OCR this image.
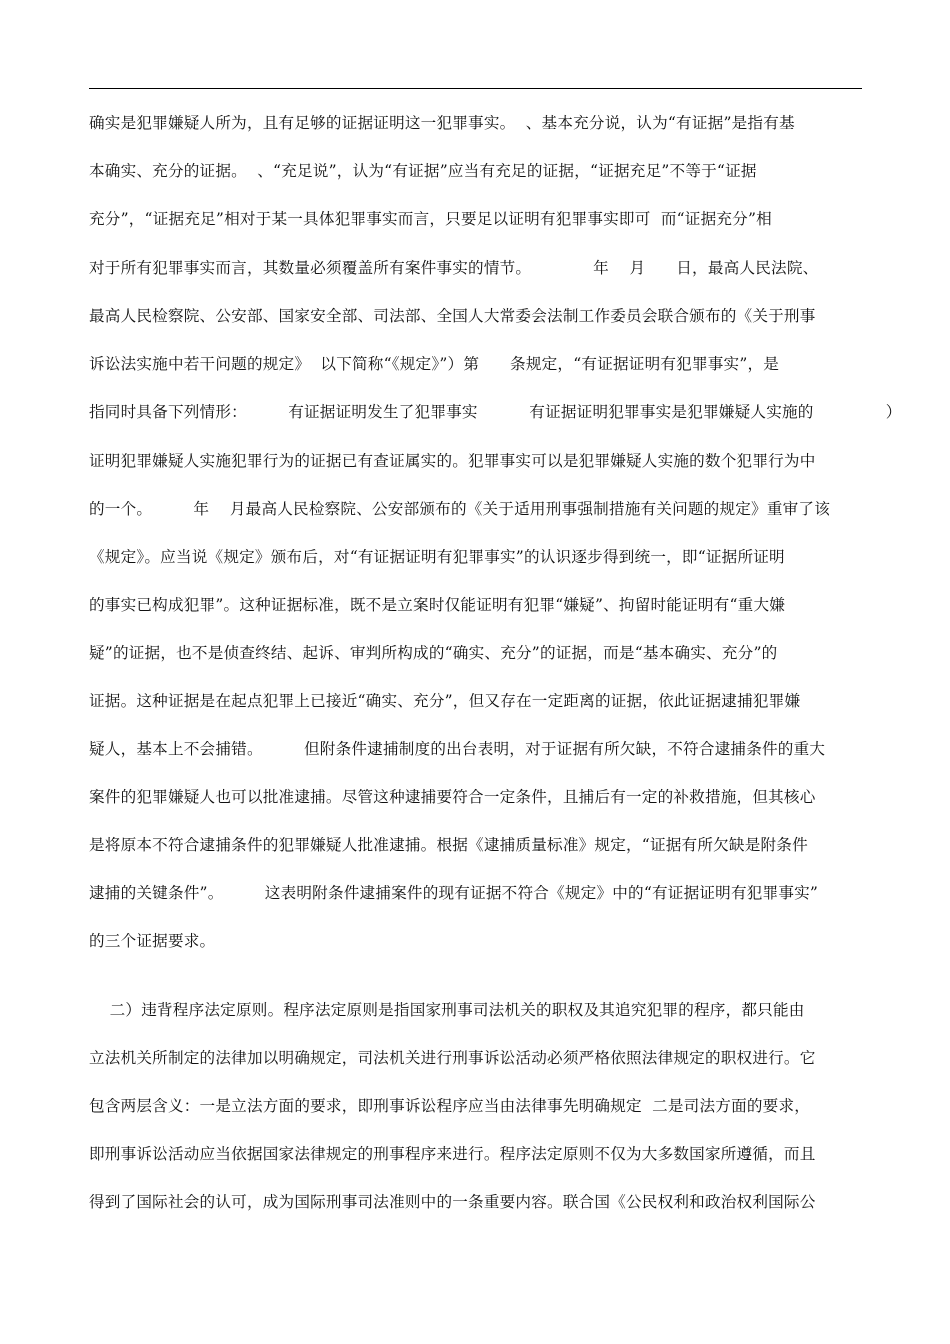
确实是犯罪嫌疑人所为，且有足够的证据证明这一犯罪事实。  、基本充分说，认为“有证据”是指有基
本确实、充分的证据。  、“充足说”，认为“有证据”应当有充足的证据，“证据充足”不等于“证据
充分”，“证据充足”相对于某一具体犯罪事实而言，只要足以证明有犯罪事实即可  而“证据充分”相
对于所有犯罪事实而言，其数量必须覆盖所有案件事实的情节。            年    月      日，最高人民法院、
最高人民检察院、公安部、国家安全部、司法部、全国人大常委会法制工作委员会联合颁布的《关于刑事
诉讼法实施中若干问题的规定》  以下简称“《规定》”）第      条规定，“有证据证明有犯罪事实”，是
指同时具备下列情形：        有证据证明发生了犯罪事实          有证据证明犯罪事实是犯罪嫌疑人实施的              ）
证明犯罪嫌疑人实施犯罪行为的证据已有查证属实的。犯罪事实可以是犯罪嫌疑人实施的数个犯罪行为中
的一个。        年    月最高人民检察院、公安部颁布的《关于适用刑事强制措施有关问题的规定》重审了该
《规定》。应当说《规定》颁布后，对“有证据证明有犯罪事实”的认识逐步得到统一，即“证据所证明
的事实已构成犯罪”。这种证据标准，既不是立案时仅能证明有犯罪“嫌疑”、拘留时能证明有“重大嫌
疑”的证据，也不是侦查终结、起诉、审判所构成的“确实、充分”的证据，而是“基本确实、充分”的
证据。这种证据是在起点犯罪上已接近“确实、充分”，但又存在一定距离的证据，依此证据逮捕犯罪嫌
疑人，基本上不会捕错。        但附条件逮捕制度的出台表明，对于证据有所欠缺，不符合逮捕条件的重大
案件的犯罪嫌疑人也可以批准逮捕。尽管这种逮捕要符合一定条件，且捕后有一定的补救措施，但其核心
是将原本不符合逮捕条件的犯罪嫌疑人批准逮捕。根据《逮捕质量标准》规定，“证据有所欠缺是附条件
逮捕的关键条件”。        这表明附条件逮捕案件的现有证据不符合《规定》中的“有证据证明有犯罪事实”
的三个证据要求。
二）违背程序法定原则。程序法定原则是指国家刑事司法机关的职权及其追究犯罪的程序，都只能由
立法机关所制定的法律加以明确规定，司法机关进行刑事诉讼活动必须严格依照法律规定的职权进行。它
包含两层含义：一是立法方面的要求，即刑事诉讼程序应当由法律事先明确规定  二是司法方面的要求，
即刑事诉讼活动应当依据国家法律规定的刑事程序来进行。程序法定原则不仅为大多数国家所遵循，而且
得到了国际社会的认可，成为国际刑事司法准则中的一条重要内容。联合国《公民权利和政治权利国际公
